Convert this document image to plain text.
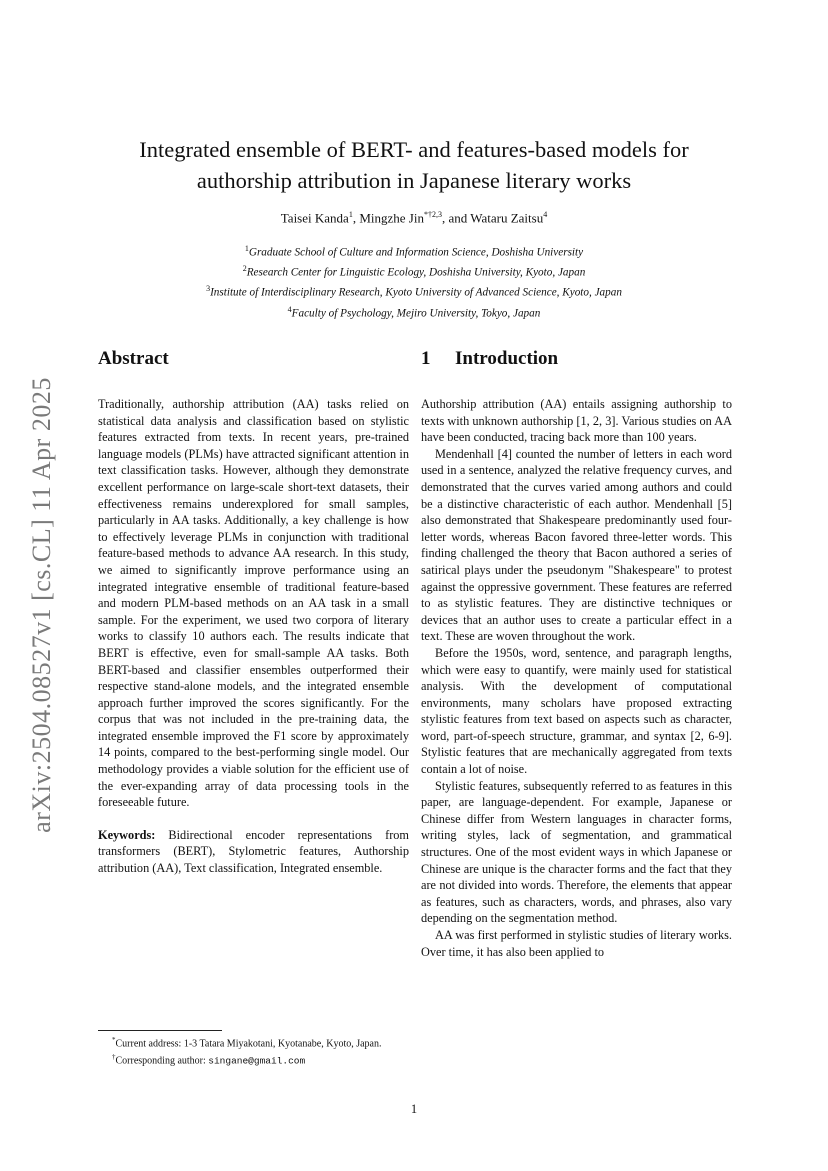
arXiv:2504.08527v1 [cs.CL] 11 Apr 2025
Integrated ensemble of BERT- and features-based models for
authorship attribution in Japanese literary works
Taisei Kanda$^1$, Mingzhe Jin$^{*\dagger 2,3}$, and Wataru Zaitsu$^4$
$^1$Graduate School of Culture and Information Science, Doshisha University
$^2$Research Center for Linguistic Ecology, Doshisha University, Kyoto, Japan
$^3$Institute of Interdisciplinary Research, Kyoto University of Advanced Science, Kyoto, Japan
$^4$Faculty of Psychology, Mejiro University, Tokyo, Japan
Abstract

Traditionally, authorship attribution (AA) tasks relied on statistical data analysis and classification based on stylistic features extracted from texts. In recent years, pre-trained language models (PLMs) have attracted significant attention in text classification tasks. However, although they demonstrate excellent performance on large-scale short-text datasets, their effectiveness remains underexplored for small samples, particularly in AA tasks. Additionally, a key challenge is how to effectively leverage PLMs in conjunction with traditional feature-based methods to advance AA research. In this study, we aimed to significantly improve performance using an integrated integrative ensemble of traditional feature-based and modern PLM-based methods on an AA task in a small sample. For the experiment, we used two corpora of literary works to classify 10 authors each. The results indicate that BERT is effective, even for small-sample AA tasks. Both BERT-based and classifier ensembles outperformed their respective stand-alone models, and the integrated ensemble approach further improved the scores significantly. For the corpus that was not included in the pre-training data, the integrated ensemble improved the F1 score by approximately 14 points, compared to the best-performing single model. Our methodology provides a viable solution for the efficient use of the ever-expanding array of data processing tools in the foreseeable future.

Keywords: Bidirectional encoder representations from transformers (BERT), Stylometric features, Authorship attribution (AA), Text classification, Integrated ensemble.

*Current address: 1-3 Tatara Miyakotani, Kyotanabe, Kyoto, Japan.

†Corresponding author: singane@gmail.com

1 Introduction

Authorship attribution (AA) entails assigning authorship to texts with unknown authorship [1, 2, 3]. Various studies on AA have been conducted, tracing back more than 100 years.

Mendenhall [4] counted the number of letters in each word used in a sentence, analyzed the relative frequency curves, and demonstrated that the curves varied among authors and could be a distinctive characteristic of each author. Mendenhall [5] also demonstrated that Shakespeare predominantly used four-letter words, whereas Bacon favored three-letter words. This finding challenged the theory that Bacon authored a series of satirical plays under the pseudonym "Shakespeare" to protest against the oppressive government. These features are referred to as stylistic features. They are distinctive techniques or devices that an author uses to create a particular effect in a text. These are woven throughout the work.

Before the 1950s, word, sentence, and paragraph lengths, which were easy to quantify, were mainly used for statistical analysis. With the development of computational environments, many scholars have proposed extracting stylistic features from text based on aspects such as character, word, part-of-speech structure, grammar, and syntax [2, 6-9]. Stylistic features that are mechanically aggregated from texts contain a lot of noise.

Stylistic features, subsequently referred to as features in this paper, are language-dependent. For example, Japanese or Chinese differ from Western languages in character forms, writing styles, lack of segmentation, and grammatical structures. One of the most evident ways in which Japanese or Chinese are unique is the character forms and the fact that they are not divided into words. Therefore, the elements that appear as features, such as characters, words, and phrases, also vary depending on the segmentation method.

AA was first performed in stylistic studies of literary works. Over time, it has also been applied to

1
